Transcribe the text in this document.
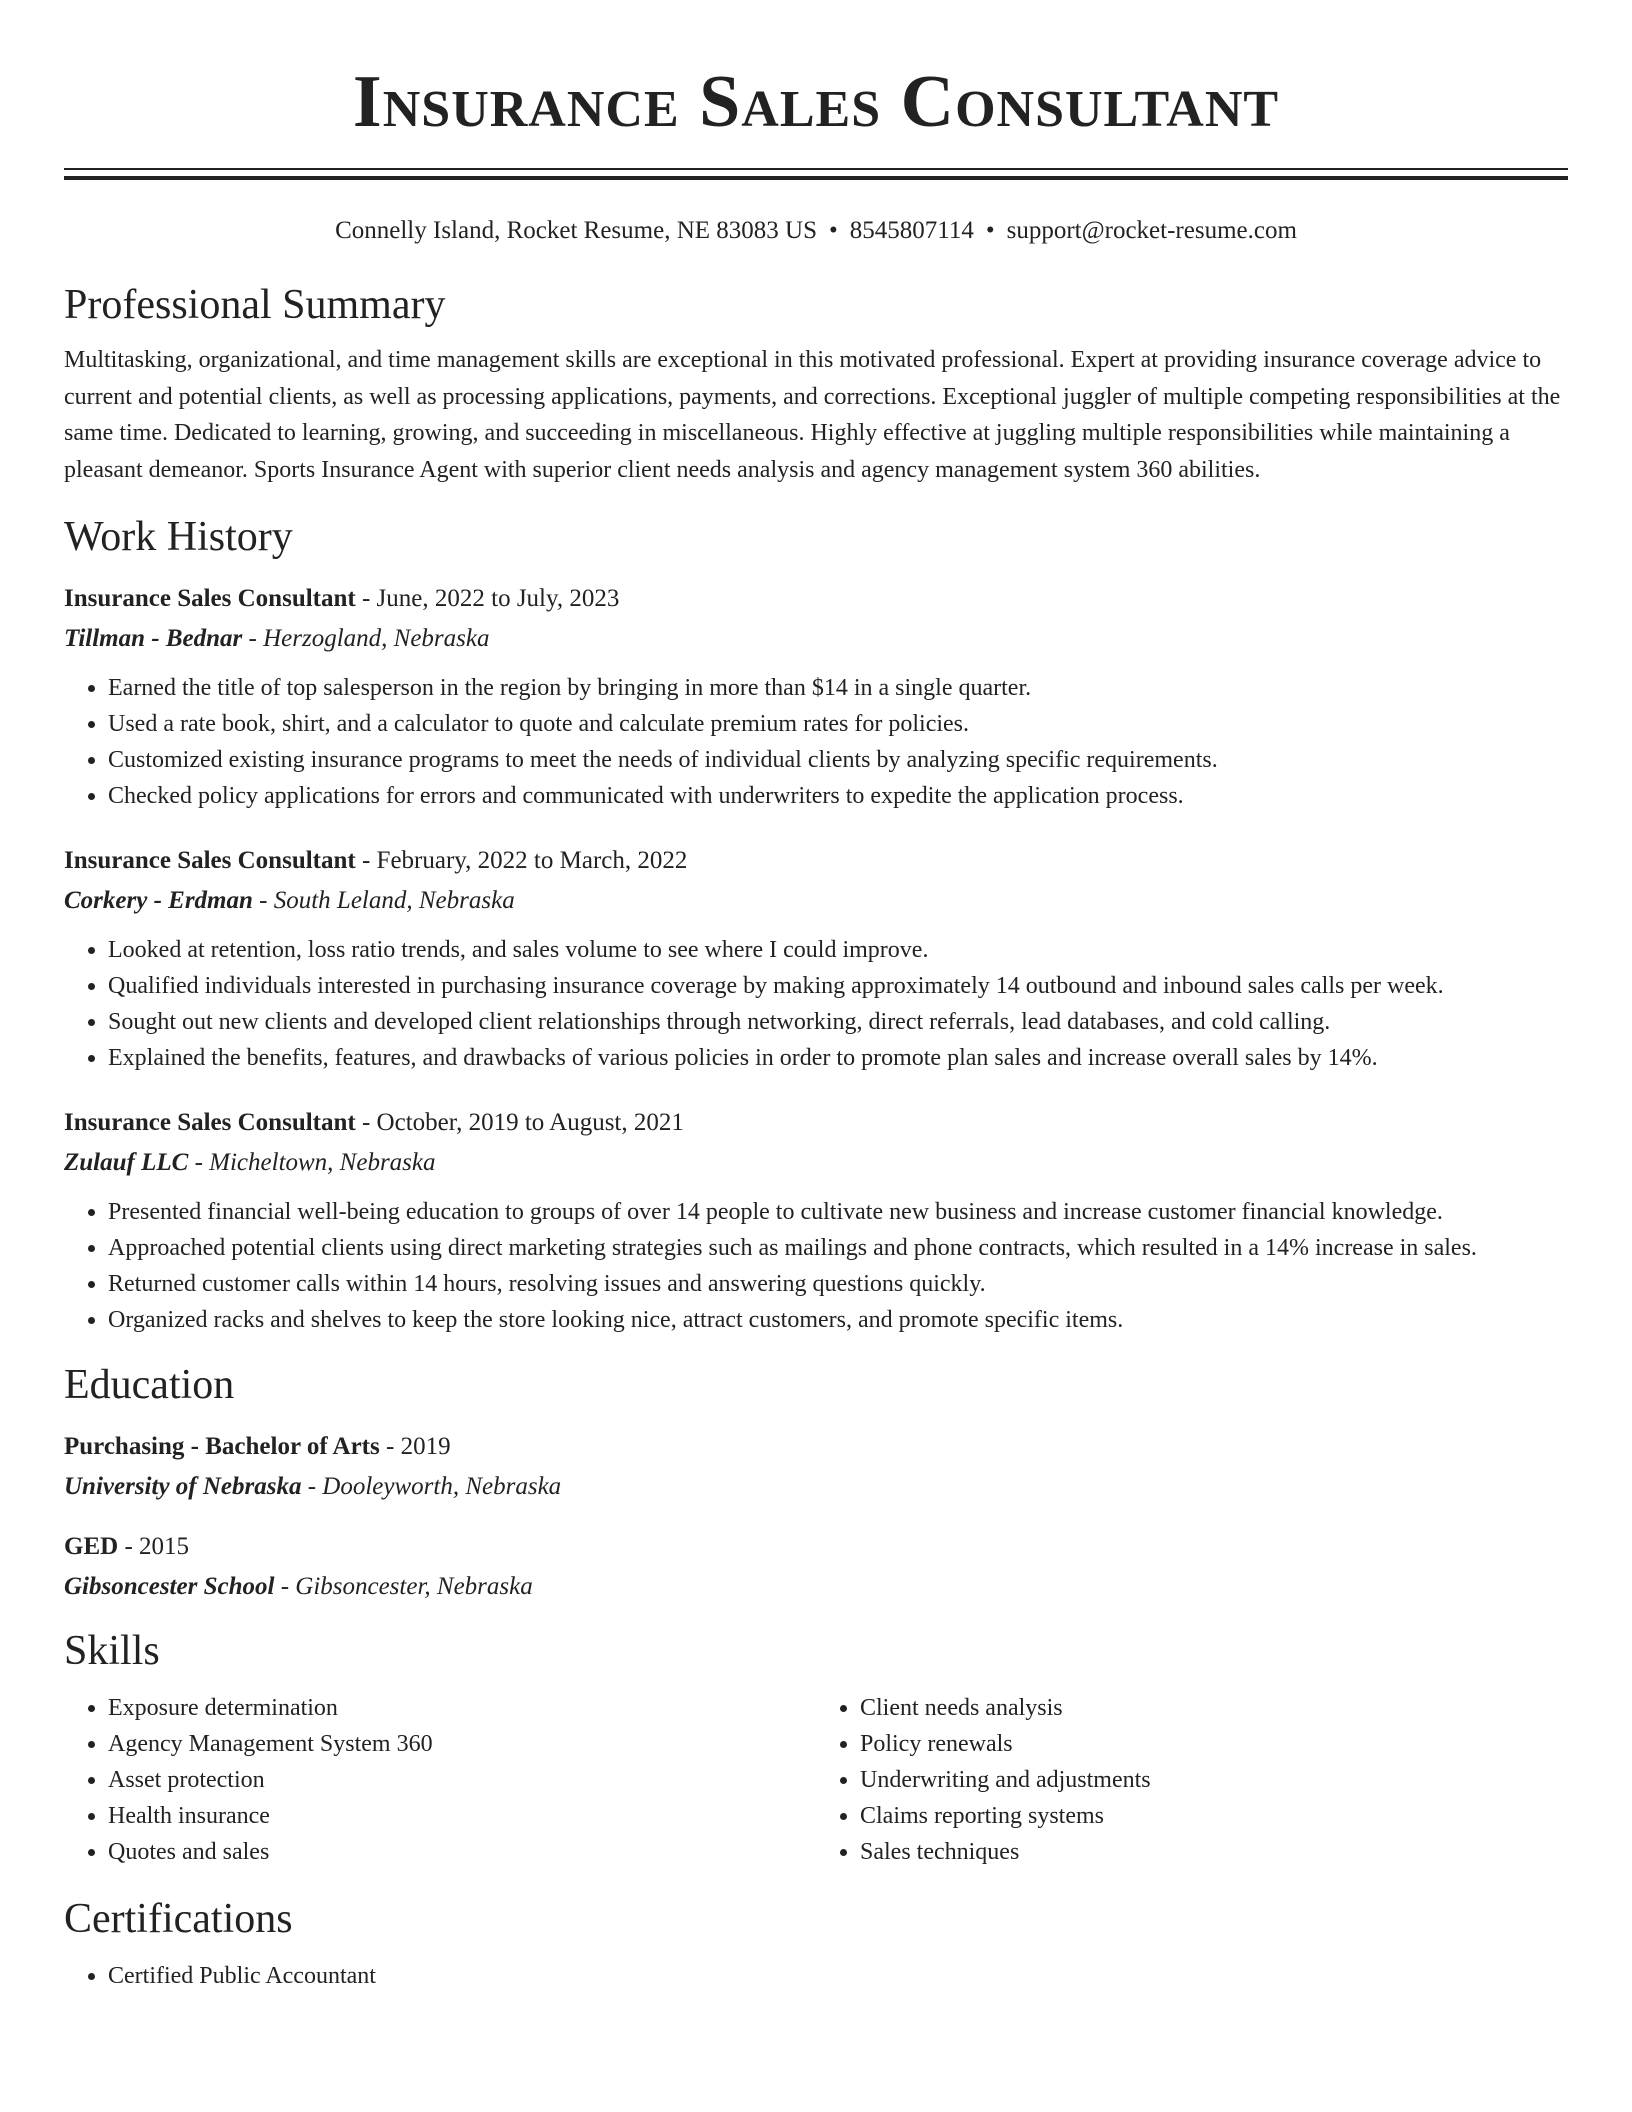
Insurance Sales Consultant
Connelly Island, Rocket Resume, NE 83083 US • 8545807114 • support@rocket-resume.com
Professional Summary

Multitasking, organizational, and time management skills are exceptional in this motivated professional. Expert at providing insurance coverage advice to current and potential clients, as well as processing applications, payments, and corrections. Exceptional juggler of multiple competing responsibilities at the same time. Dedicated to learning, growing, and succeeding in miscellaneous. Highly effective at juggling multiple responsibilities while maintaining a pleasant demeanor. Sports Insurance Agent with superior client needs analysis and agency management system 360 abilities.

Work History
Insurance Sales Consultant - June, 2022 to July, 2023
Tillman - Bednar - Herzogland, Nebraska
• Earned the title of top salesperson in the region by bringing in more than $14 in a single quarter.
• Used a rate book, shirt, and a calculator to quote and calculate premium rates for policies.
• Customized existing insurance programs to meet the needs of individual clients by analyzing specific requirements.
• Checked policy applications for errors and communicated with underwriters to expedite the application process.
Insurance Sales Consultant - February, 2022 to March, 2022
Corkery - Erdman - South Leland, Nebraska
• Looked at retention, loss ratio trends, and sales volume to see where I could improve.
• Qualified individuals interested in purchasing insurance coverage by making approximately 14 outbound and inbound sales calls per week.
• Sought out new clients and developed client relationships through networking, direct referrals, lead databases, and cold calling.
• Explained the benefits, features, and drawbacks of various policies in order to promote plan sales and increase overall sales by 14%.
Insurance Sales Consultant - October, 2019 to August, 2021
Zulauf LLC - Micheltown, Nebraska
• Presented financial well-being education to groups of over 14 people to cultivate new business and increase customer financial knowledge.
• Approached potential clients using direct marketing strategies such as mailings and phone contracts, which resulted in a 14% increase in sales.
• Returned customer calls within 14 hours, resolving issues and answering questions quickly.
• Organized racks and shelves to keep the store looking nice, attract customers, and promote specific items.
Education
Purchasing - Bachelor of Arts - 2019
University of Nebraska - Dooleyworth, Nebraska
GED - 2015
Gibsoncester School - Gibsoncester, Nebraska
Skills
• Exposure determination
• Agency Management System 360
• Asset protection
• Health insurance
• Quotes and sales
• Client needs analysis
• Policy renewals
• Underwriting and adjustments
• Claims reporting systems
• Sales techniques
Certifications
• Certified Public Accountant
